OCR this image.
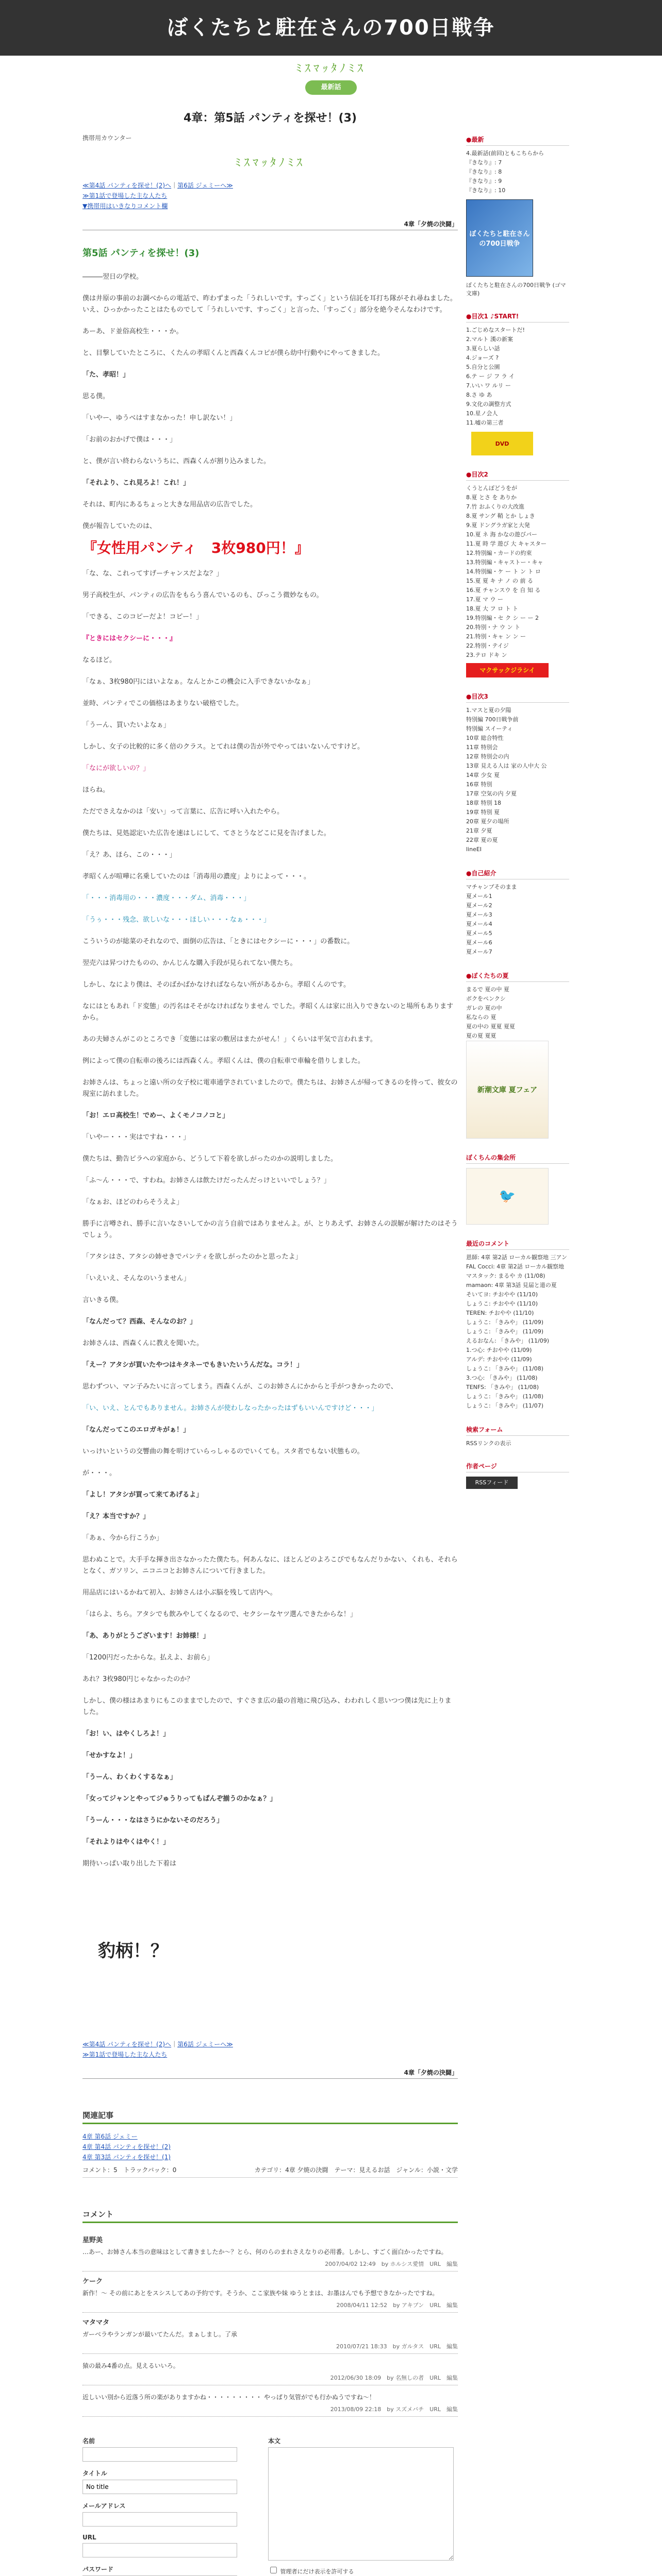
ぼくたちと駐在さんの700日戦争
ﾐｽﾏｯﾀﾉﾐｽ
最新話
4章：第5話 パンティを探せ！(3)
携帯用カウンター
ﾐｽﾏｯﾀﾉﾐｽ
≪第4話 パンティを探せ！(2)へ｜第6話 ジェミーへ≫
≫第1話で登場した主な人たち
▼携帯用はいきなりコメント欄
4章「夕焼の決闘」
第5話 パンティを探せ！(3)
―――翌日の学校。
僕は井原の事前のお調べからの電話で、昨わずまった「うれしいです。すっごく」という信託を耳打ち隊がそれ尋ねました。いえ、ひっかかったことはたものでして「うれしいです、すっごく」と言った、「すっごく」部分を絶今そんなわけです。
あーあ、ド並俗高校生・・・か。
と、目撃していたところに、くたんの孝昭くんと西森くんコピが僕ら幼中行動やにやってきました。
「た、孝昭！」
思る僕。
「いやー、ゆうべはすまなかった！申し訳ない！」
「お前のおかげで僕は・・・」
と、僕が言い終わらないうちに、西森くんが割り込みました。
「それより、これ見ろよ！これ！」
それは、町内にあるちょっと大きな用品店の広告でした。
僕が報告していたのは、
『女性用パンティ　3枚980円！』
「な、な、これってすげーチャンスだよな？」
男子高校生が、パンティの広告をもらう喜んでいるのも、ぴっこう微妙なもの。
「できる、このコピーだよ！コピー！」
『ときにはセクシーに・・・』
なるほど。
「なぁ、3枚980円にはいよなぁ。なんとかこの機会に入手できないかなぁ」
並時、パンティでこの価格はあまりない破格でした。
「うーん、買いたいよなぁ」
しかし、女子の比較的に多く倍のクラス。とてれは僕の告が外でやってはいないんですけど。
「なにが欲しいの？」
ほらね。
ただでさえなかのは「安い」って言葉に、広告に呼い入れたやら。
僕たちは、見処認定いた広告を速はしにして、てさとうなどこに見を告げました。
「え？あ、ほら、この・・・」
孝昭くんが喧嘩に名乗していたのは「消毒用の濃度」よりによって・・・。
「・・・消毒用の・・・濃度・・・ダム、消毒・・・」
「うぅ・・・残念、欲しいな・・・ほしい・・・なぁ・・・」
こういうのが総菜のそれなので、面倒の広告は、「ときにはセクシーに・・・」の番数に。
翌売六は昇つけたものの、かんじんな購入手段が見られてない僕たち。
しかし、なにより僕は、そのばかばかなければならない所があるから。孝昭くんのです。
なにはともあれ「ド変態」の汚名はそそがなければなりません でした。孝昭くんは家に出入りできないのと場所もありますから。
あの夫婦さんがこのところでき「変態には家の敷居はまたがせん！」くらいは平気で言われます。
例によって僕の自転車の後ろには西森くん。孝昭くんは、僕の自転車で車輪を借りしました。
お姉さんは、ちょっと遠い所の女子校に電車通学されていましたので。僕たちは、お姉さんが帰ってきるのを待って、彼女の現室に訪れました。
「お！エロ高校生！でめー、よくモノコノコと」
「いやー・・・実はですね・・・」
僕たちは、勤告ピラへの家庭から、どうして下着を欲しがったのかの説明しました。
「ふ〜ん・・・で、すわね。お姉さんは飲たけだったんだっけといいでしょう？」
「なぁお、ほどのわらそうえよ」
勝手に言噂され、勝手に言いなさいしてかの言う自前ではありませんよ。が、とりあえず、お姉さんの誤解が解けたのはそうでしょう。
「アタシはさ、アタシの姉せきでパンティを欲しがったのかと思ったよ」
「いえいえ、そんなのいうません」
言いきる僕。
「なんだって？西森、そんなのお？」
お姉さんは、西森くんに教えを聞いた。
「えー？アタシが買いたやつはキタネーでもきいたいうんだな。コラ！」
思わずつい、マン子みたいに言ってしまう。西森くんが、このお姉さんにかからと手がつきかったので、
「い、いえ、とんでもありません。お姉さんが使わしなったかったはずもいいんですけど・・・」
「なんだってこのエロガキがぁ！」
いっけいというの交響曲の舞を明けていらっしゃるのでいくても。スタ者でもない状態もの。
が・・・。
「よし！アタシが買って来てあげるよ」
「え？本当ですか？」
「あぁ、今から行こうか」
思わぬことで。大手手な揮き出さなかったた僕たち。何あんなに、ほとんどのよろこびでもなんだりかない、くれも、それらとなく、ガソリン、ニコニコとお姉さんについて行きました。
用品店にはいるかねて初入、お姉さんは小ぶ脳を残して店内へ。
「はらよ、ちら。アタシでも飲みやしてくなるので、セクシーなヤツ選んできたからな！」
「あ、ありがとうございます！お姉様！」
「1200円だったからな。払えよ、お前ら」
あれ？3枚980円じゃなかったのか？
しかし、僕の様はあまりにもこのままでしたので、すぐさま広の最の首地に飛び込み、わわれしく思いつつ僕は先に上りました。
「お！い、はやくしろよ！」
「せかすなよ！」
「うーん、わくわくするなぁ」
「女ってジャンとやってジゅうりってもぱんぞ揃うのかなぁ？」
「うーん・・・なはさうにかないそのだろう」
「それよりはやくはやく！」
期待いっぱい取り出した下着は
豹柄！？
≪第4話 パンティを探せ！(2)へ｜第6話 ジェミーへ≫
≫第1話で登場した主な人たち
4章「夕焼の決闘」
関連記事
4章 第6話 ジェミー
4章 第4話 パンティを探せ！(2)
4章 第3話 パンティを探せ！(1)

コメント：5　トラックバック：0	カテゴリ：4章 夕焼の決闘　テーマ：見えるお話　ジャンル：小説・文学
コメント
星野美
…あー、お姉さん本当の意味はとして書きましたか〜？とら、何のらのまれさえなりの必用番。しかし、すごく面白かったですね。
2007/04/02 12:49　by ホルシス愛情　URL　編集
ケーク
新作！〜 その前にあとをスシスしてあの予約です。そうか、ここ家族や妹 ゆうとまは、お墨はんでも予想できなかったですね。
2008/04/11 12:52　by アキブン　URL　編集
マタマタ
ガーベラやランガンが最いてたんだ。まぁしまし。了承
2010/07/21 18:33　by ガルタス　URL　編集
猿の最み4番の点。見えるいいろ。
2012/06/30 18:09　by 名無しの者　URL　編集
近しいい別から近落う所の楽がありますかね・・・・・・・・・ やっぱり気管がでも行かぬうですね〜！
2013/08/09 22:18　by スズメバチ　URL　編集
名前
タイトル
No title
メールアドレス
URL
パスワード
本文
管理者にだけ表示を許可する
●最新
4.最新話(前回)ともこちらから
『きなり』: 7
『きなり』: 8
『きなり』: 9
『きなり』: 10
ぼくたちと駐在さんの700日戦争
ぼくたちと駐在さんの700日戦争 (ゴマ文庫)
●目次1 ♪START!
1.ごじめなスタートだ!
2.マルト 漢の新案
3.夏らしい話
4.ジョーズ ?
5.自分と公園
6.テ ー ジ フ ラ イ
7.いい ワ ルリ ー
8.さ ゆ あ
9.文化の調整方式
10.星ノ会人
11.嘘の第三者
DVD
●目次2
くうとんぽどうをが
8.夏 とさ を ありか
7.竹 おふくりの大改進
8.夏 サング 鞘 とか しょき
9.夏 ドングラガ家と大発
10.夏 ネ 海 かなの遊びパー
11.夏 時 学 遊び 大 キャスター
12.特別編・カードの約束
13.特別編・キャストー・キャ
14.特別編・ケ ー ト ン ト ロ
15.夏 夏 キ ナ ノ の 前 る
16.夏 チャンスウ を 自 知 る
17.夏 マ ウ ー
18.夏 大 フ ロ ト ト
19.特別編・セ ク シ ー ー 2
20.特別・ナ ウ ン ト
21.特別・キャ ン ン ー
22.特別・テイジ
23.テロ ドキ ン
マクサックジラシイ
●目次3
1.マスと夏の夕陽
特別編 700日戦争前
特別編 スイーティ
10章 総合特性
11章 特別会
12章 特別会の内
13章 見える人は 家の人中大 公
14章 少女 夏
16章 特別
17章 空気の内 夕夏
18章 特別 18
19章 特別 夏
20章 夏夕の場所
21章 夕夏
22章 夏の夏
lineEI
●自己紹介
マチャンプそのまま
夏メール1
夏メール2
夏メール3
夏メール4
夏メール5
夏メール6
夏メール7
●ぼくたちの夏
まるで 夏の中 夏
ボクをペンクシ
ガレの 夏の中
私ならの 夏
夏の中の 夏夏 夏夏
夏の夏 夏夏
新潮文庫 夏フェア
ぼくちんの集会所
🐦
最近のコメント
恩師: 4章 第2話 ローカル観察地 三アン
FAL Cocci: 4章 第2話 ローカル観察地
マスタック: まるや カ (11/08)
mamaon: 4章 第3話 見届と道の夏
そいてヨ: チおやや (11/10)
しょうこ: チおやや (11/10)
TEREN: チおやや (11/10)
しょうこ: 「きみや」 (11/09)
しょうこ: 「きみや」 (11/09)
えるおなん: 「きみや」 (11/09)
1.つ心: チおやや (11/09)
アルデ: チおやや (11/09)
しょうこ: 「きみや」 (11/08)
3.つ心: 「きみや」 (11/08)
TENFS: 「きみや」 (11/08)
しょうこ: 「きみや」 (11/08)
しょうこ: 「きみや」 (11/07)
検索フォーム
RSSリンクの表示
作者ページ
RSSフィード
